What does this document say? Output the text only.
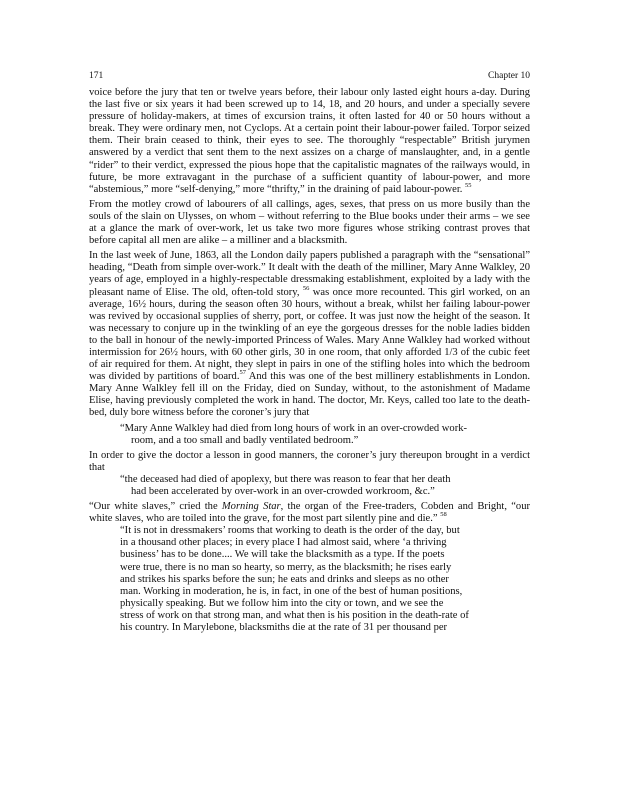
171	Chapter 10

voice before the jury that ten or twelve years before, their labour only lasted eight hours a-day. During the last five or six years it had been screwed up to 14, 18, and 20 hours, and under a specially severe pressure of holiday-makers, at times of excursion trains, it often lasted for 40 or 50 hours without a break. They were ordinary men, not Cyclops. At a certain point their labour-power failed. Torpor seized them. Their brain ceased to think, their eyes to see. The thoroughly “respectable” British jurymen answered by a verdict that sent them to the next assizes on a charge of manslaughter, and, in a gentle “rider” to their verdict, expressed the pious hope that the capitalistic magnates of the railways would, in future, be more extravagant in the purchase of a sufficient quantity of labour-power, and more “abstemious,” more “self-denying,” more “thrifty,” in the draining of paid labour-power. $^{55}$

From the motley crowd of labourers of all callings, ages, sexes, that press on us more busily than the souls of the slain on Ulysses, on whom – without referring to the Blue books under their arms – we see at a glance the mark of over-work, let us take two more figures whose striking contrast proves that before capital all men are alike – a milliner and a blacksmith.

In the last week of June, 1863, all the London daily papers published a paragraph with the “sensational” heading, “Death from simple over-work.” It dealt with the death of the milliner, Mary Anne Walkley, 20 years of age, employed in a highly-respectable dressmaking establishment, exploited by a lady with the pleasant name of Elise. The old, often-told story, $^{56}$ was once more recounted. This girl worked, on an average, 16½ hours, during the season often 30 hours, without a break, whilst her failing labour-power was revived by occasional supplies of sherry, port, or coffee. It was just now the height of the season. It was necessary to conjure up in the twinkling of an eye the gorgeous dresses for the noble ladies bidden to the ball in honour of the newly-imported Princess of Wales. Mary Anne Walkley had worked without intermission for 26½ hours, with 60 other girls, 30 in one room, that only afforded 1/3 of the cubic feet of air required for them. At night, they slept in pairs in one of the stifling holes into which the bedroom was divided by partitions of board.$^{57}$ And this was one of the best millinery establishments in London. Mary Anne Walkley fell ill on the Friday, died on Sunday, without, to the astonishment of Madame Elise, having previously completed the work in hand. The doctor, Mr. Keys, called too late to the death-bed, duly bore witness before the coroner’s jury that

“Mary Anne Walkley had died from long hours of work in an over-crowded work-
room, and a too small and badly ventilated bedroom.”

In order to give the doctor a lesson in good manners, the coroner’s jury thereupon brought in a verdict that

“the deceased had died of apoplexy, but there was reason to fear that her death
had been accelerated by over-work in an over-crowded workroom, &c.”

“Our white slaves,” cried the Morning Star, the organ of the Free-traders, Cobden and Bright, “our white slaves, who are toiled into the grave, for the most part silently pine and die.” $^{58}$

“It is not in dressmakers’ rooms that working to death is the order of the day, but
in a thousand other places; in every place I had almost said, where ‘a thriving
business’ has to be done.... We will take the blacksmith as a type. If the poets
were true, there is no man so hearty, so merry, as the blacksmith; he rises early
and strikes his sparks before the sun; he eats and drinks and sleeps as no other
man. Working in moderation, he is, in fact, in one of the best of human positions,
physically speaking. But we follow him into the city or town, and we see the
stress of work on that strong man, and what then is his position in the death-rate of
his country. In Marylebone, blacksmiths die at the rate of 31 per thousand per
